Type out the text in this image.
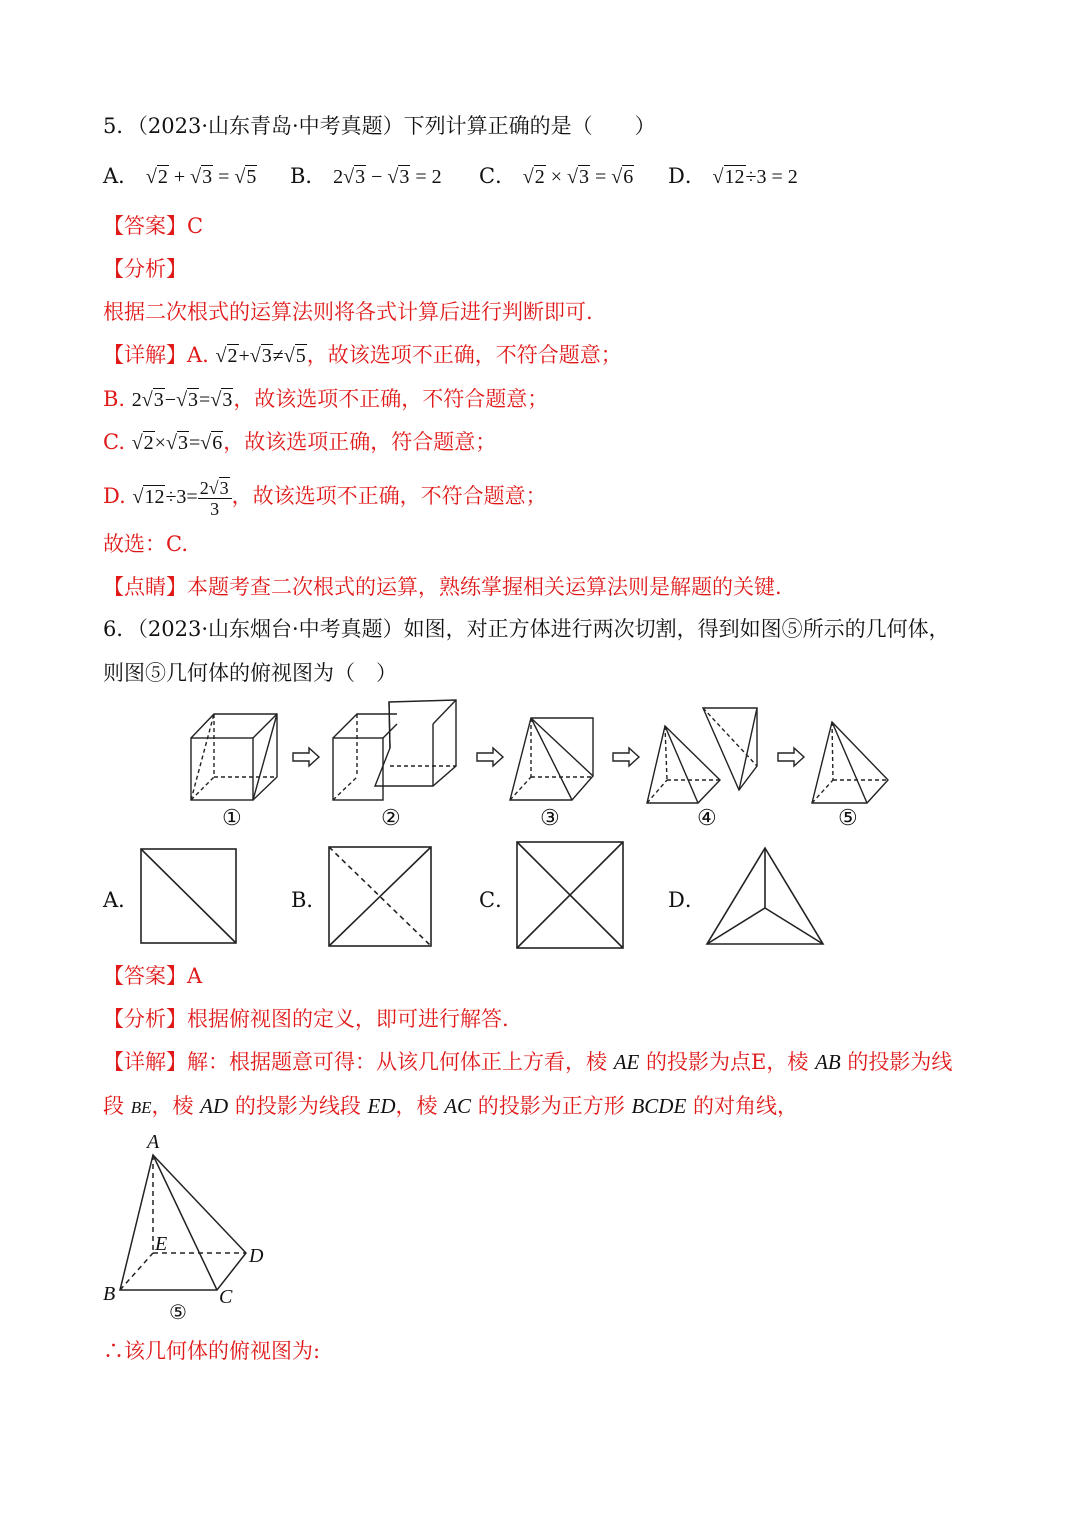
5．（2023·山东青岛·中考真题）下列计算正确的是（　　）
A． √2 + √3 = √5 B． 2√3 − √3 = 2 C． √2 × √3 = √6 D． √12÷3 = 2
【答案】C
【分析】
根据二次根式的运算法则将各式计算后进行判断即可.
【详解】A. √2+√3≠√5，故该选项不正确，不符合题意；
B. 2√3−√3=√3，故该选项不正确，不符合题意；
C. √2×√3=√6，故该选项正确，符合题意；
D. $√12\div 3= \frac{2√3}{3}$ ，故该选项不正确，不符合题意；
故选：C.
【点睛】本题考查二次根式的运算，熟练掌握相关运算法则是解题的关键.
6．（2023·山东烟台·中考真题）如图，对正方体进行两次切割，得到如图⑤所示的几何体，
则图⑤几何体的俯视图为（　）
①	②	③	④	⑤
A．	B．	C．	D．
【答案】A
【分析】根据俯视图的定义，即可进行解答.
【详解】解：根据题意可得：从该几何体正上方看，棱 AE 的投影为点E，棱 AB 的投影为线
段 BE，棱 AD 的投影为线段 ED，棱 AC 的投影为正方形 BCDE 的对角线，
A
E
D
B	C
⑤
∴该几何体的俯视图为:
